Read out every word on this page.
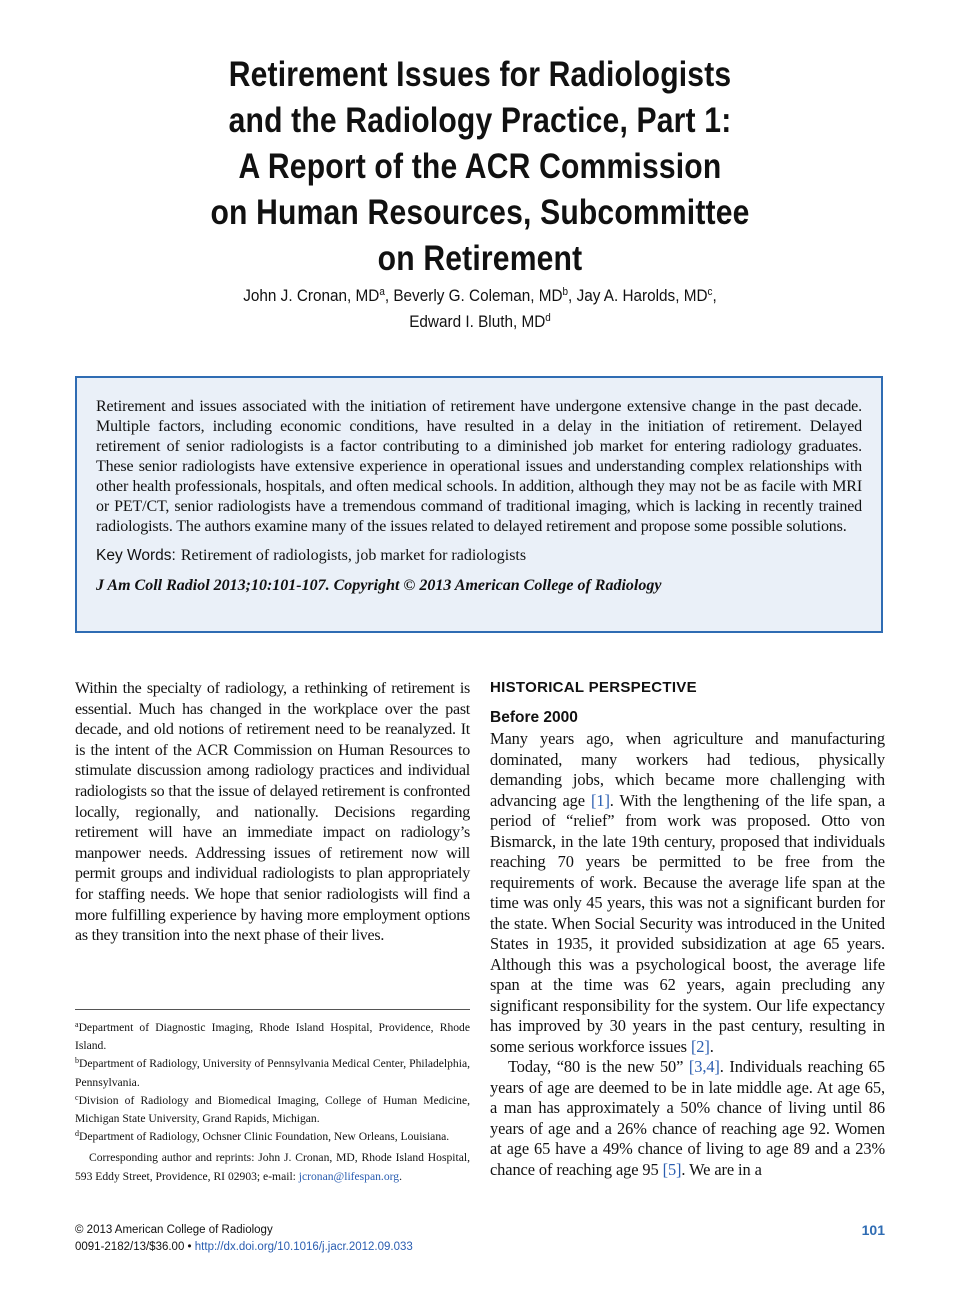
Retirement Issues for Radiologists
and the Radiology Practice, Part 1:
A Report of the ACR Commission
on Human Resources, Subcommittee
on Retirement
John J. Cronan, $MD^a$, Beverly G. Coleman, $MD^b$, Jay A. Harolds, $MD^c$,
Edward I. Bluth, $MD^d$

Retirement and issues associated with the initiation of retirement have undergone extensive change in the past decade. Multiple factors, including economic conditions, have resulted in a delay in the initiation of retirement. Delayed retirement of senior radiologists is a factor contributing to a diminished job market for entering radiology graduates. These senior radiologists have extensive experience in operational issues and understanding complex relationships with other health professionals, hospitals, and often medical schools. In addition, although they may not be as facile with MRI or PET/CT, senior radiologists have a tremendous command of traditional imaging, which is lacking in recently trained radiologists. The authors examine many of the issues related to delayed retirement and propose some possible solutions.

Key Words: Retirement of radiologists, job market for radiologists
J Am Coll Radiol 2013;10:101-107. Copyright © 2013 American College of Radiology

Within the specialty of radiology, a rethinking of retirement is essential. Much has changed in the workplace over the past decade, and old notions of retirement need to be reanalyzed. It is the intent of the ACR Commission on Human Resources to stimulate discussion among radiology practices and individual radiologists so that the issue of delayed retirement is confronted locally, regionally, and nationally. Decisions regarding retirement will have an immediate impact on radiology’s manpower needs. Addressing issues of retirement now will permit groups and individual radiologists to plan appropriately for staffing needs. We hope that senior radiologists will find a more fulfilling experience by having more employment options as they transition into the next phase of their lives.

$^a$Department of Diagnostic Imaging, Rhode Island Hospital, Providence, Rhode Island.

$^b$Department of Radiology, University of Pennsylvania Medical Center, Philadelphia, Pennsylvania.

$^c$Division of Radiology and Biomedical Imaging, College of Human Medicine, Michigan State University, Grand Rapids, Michigan.

$^d$Department of Radiology, Ochsner Clinic Foundation, New Orleans, Louisiana.

Corresponding author and reprints: John J. Cronan, MD, Rhode Island Hospital, 593 Eddy Street, Providence, RI 02903; e-mail: jcronan@lifespan.org.

HISTORICAL PERSPECTIVE
Before 2000

Many years ago, when agriculture and manufacturing dominated, many workers had tedious, physically demanding jobs, which became more challenging with advancing age [1]. With the lengthening of the life span, a period of “relief” from work was proposed. Otto von Bismarck, in the late 19th century, proposed that individuals reaching 70 years be permitted to be free from the requirements of work. Because the average life span at the time was only 45 years, this was not a significant burden for the state. When Social Security was introduced in the United States in 1935, it provided subsidization at age 65 years. Although this was a psychological boost, the average life span at the time was 62 years, again precluding any significant responsibility for the system. Our life expectancy has improved by 30 years in the past century, resulting in some serious workforce issues [2].

Today, “80 is the new 50” [3,4]. Individuals reaching 65 years of age are deemed to be in late middle age. At age 65, a man has approximately a 50% chance of living until 86 years of age and a 26% chance of reaching age 92. Women at age 65 have a 49% chance of living to age 89 and a 23% chance of reaching age 95 [5]. We are in a

© 2013 American College of Radiology
0091-2182/13/$36.00 • http://dx.doi.org/10.1016/j.jacr.2012.09.033
101
